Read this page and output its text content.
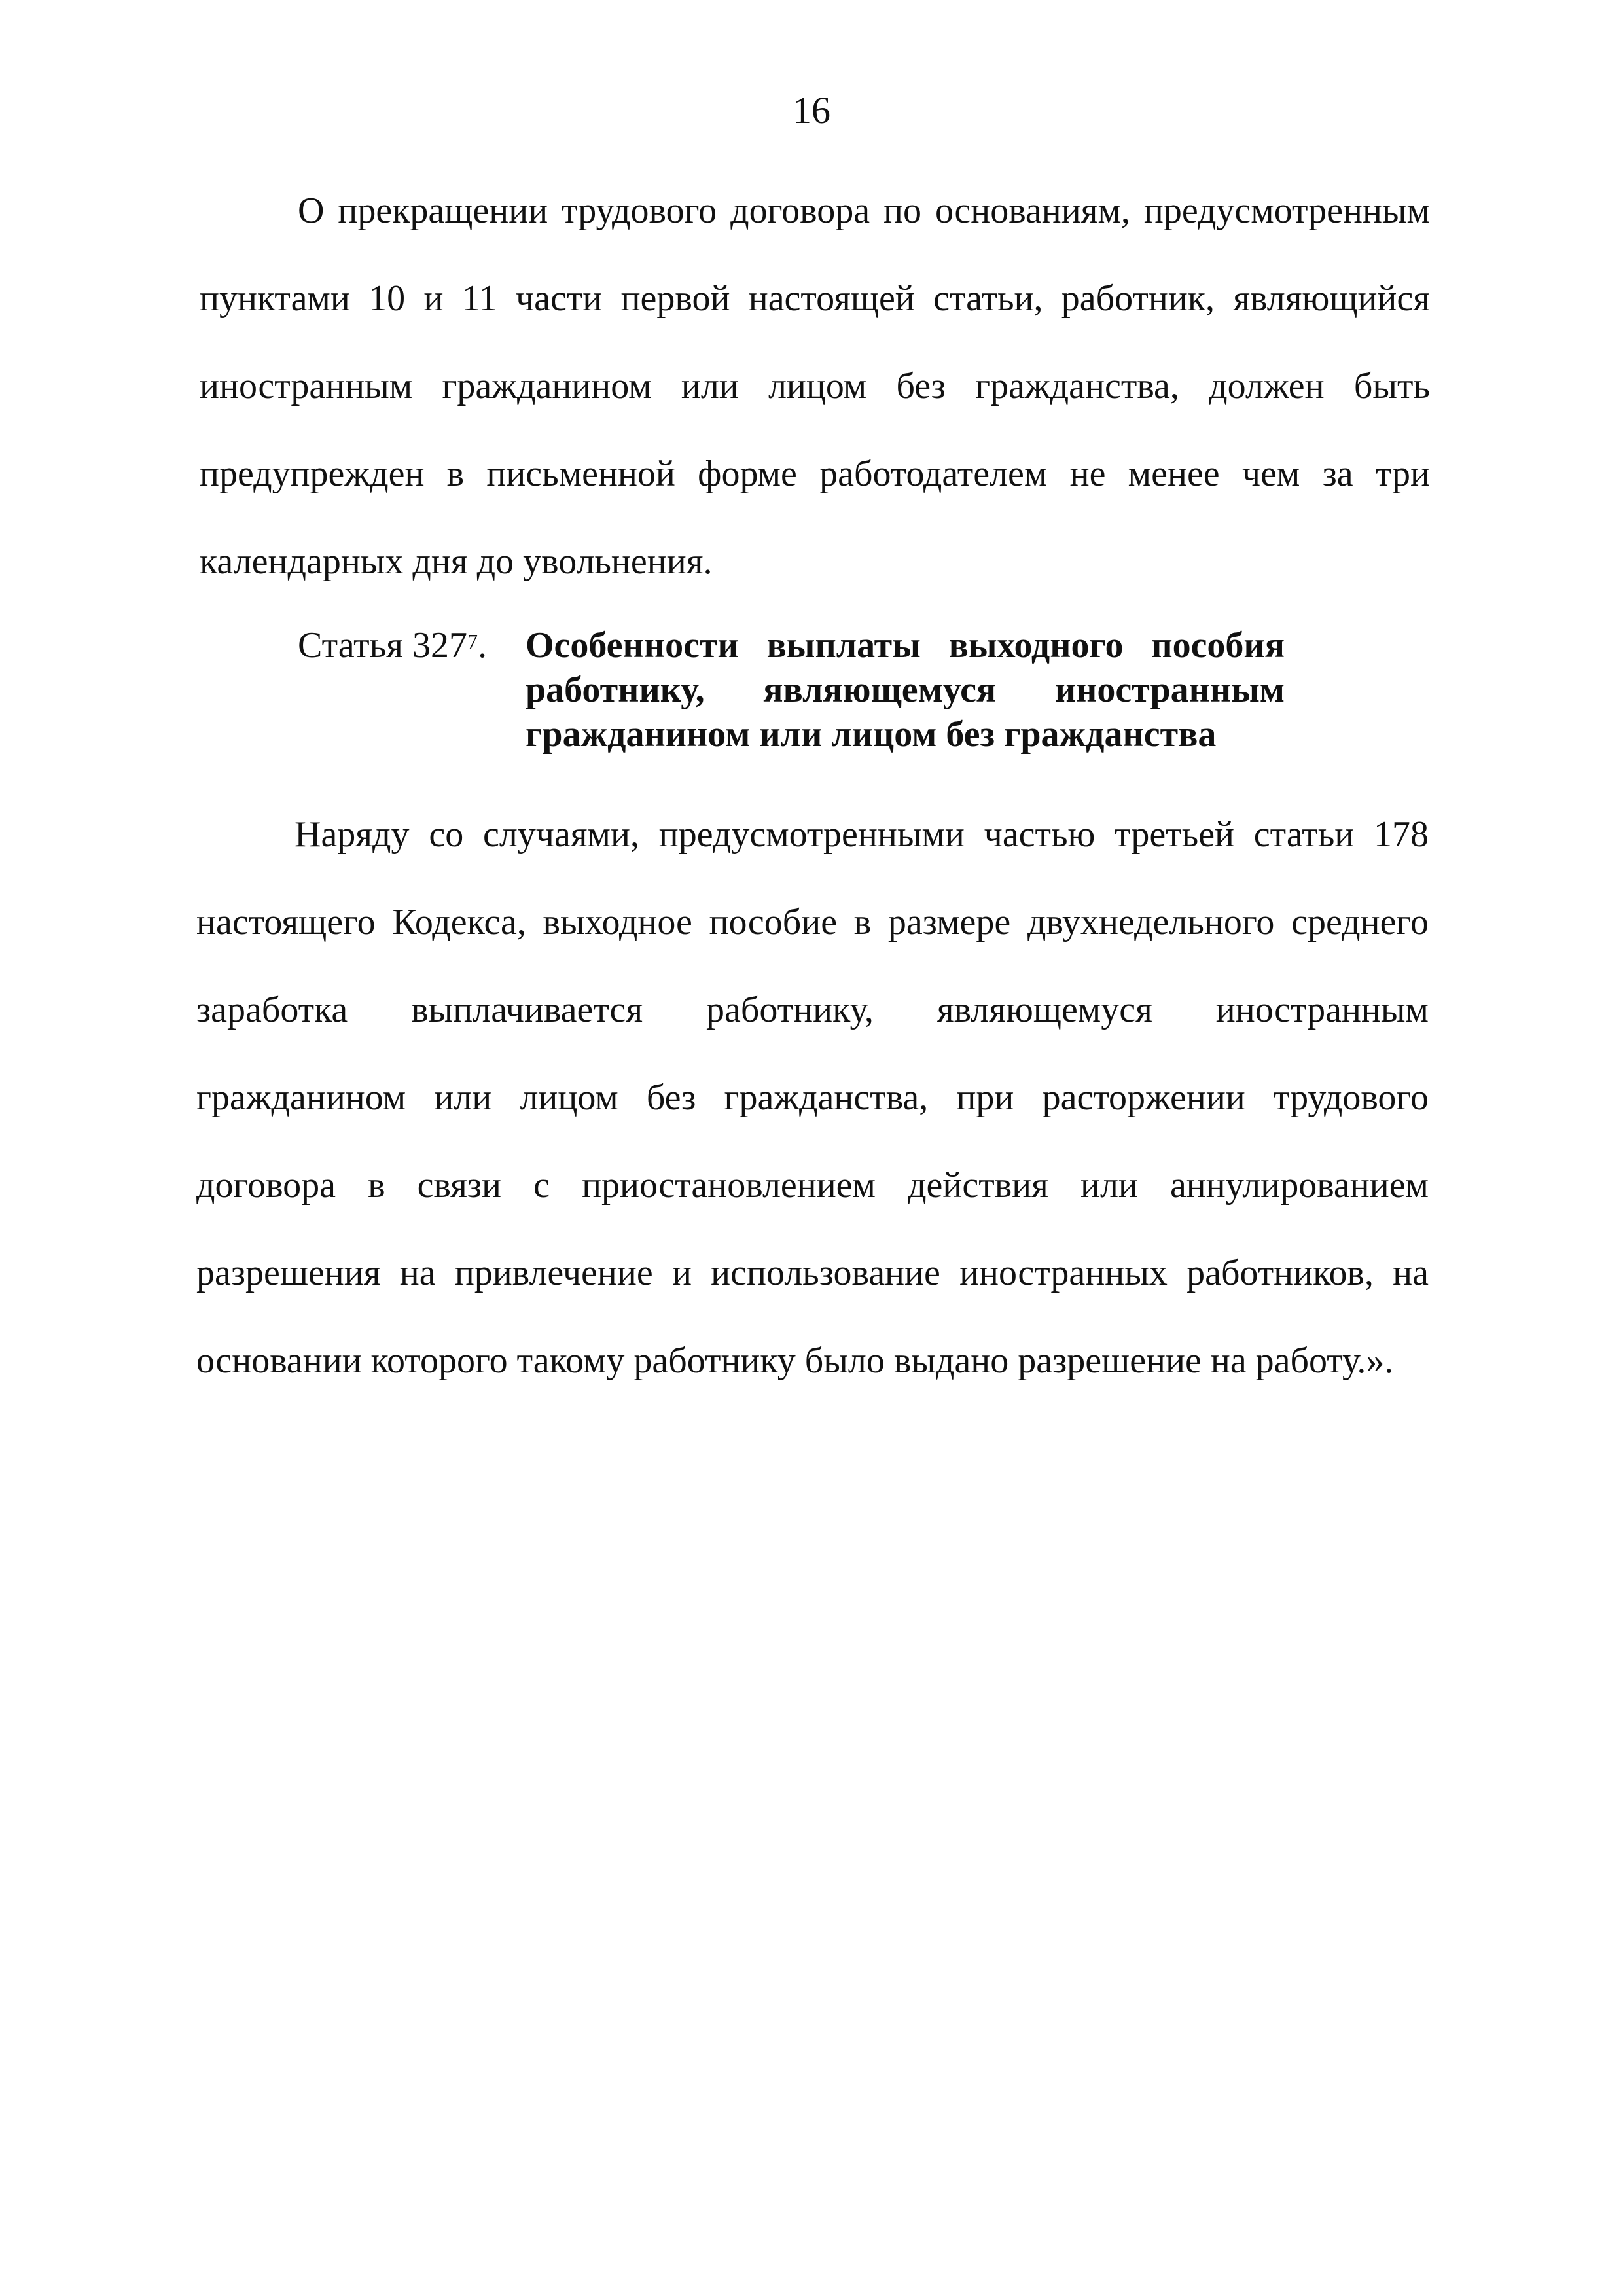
16

О прекращении трудового договора по основаниям, предусмотренным пунктами 10 и 11 части первой настоящей статьи, работник, являющийся иностранным гражданином или лицом без гражданства, должен быть предупрежден в письменной форме работодателем не менее чем за три календарных дня до увольнения.

Статья $327^7$. Особенности выплаты выходного пособия работнику, являющемуся иностранным гражданином или лицом без гражданства

Наряду со случаями, предусмотренными частью третьей статьи 178 настоящего Кодекса, выходное пособие в размере двухнедельного среднего заработка выплачивается работнику, являющемуся иностранным гражданином или лицом без гражданства, при расторжении трудового договора в связи с приостановлением действия или аннулированием разрешения на привлечение и использование иностранных работников, на основании которого такому работнику было выдано разрешение на работу.».
